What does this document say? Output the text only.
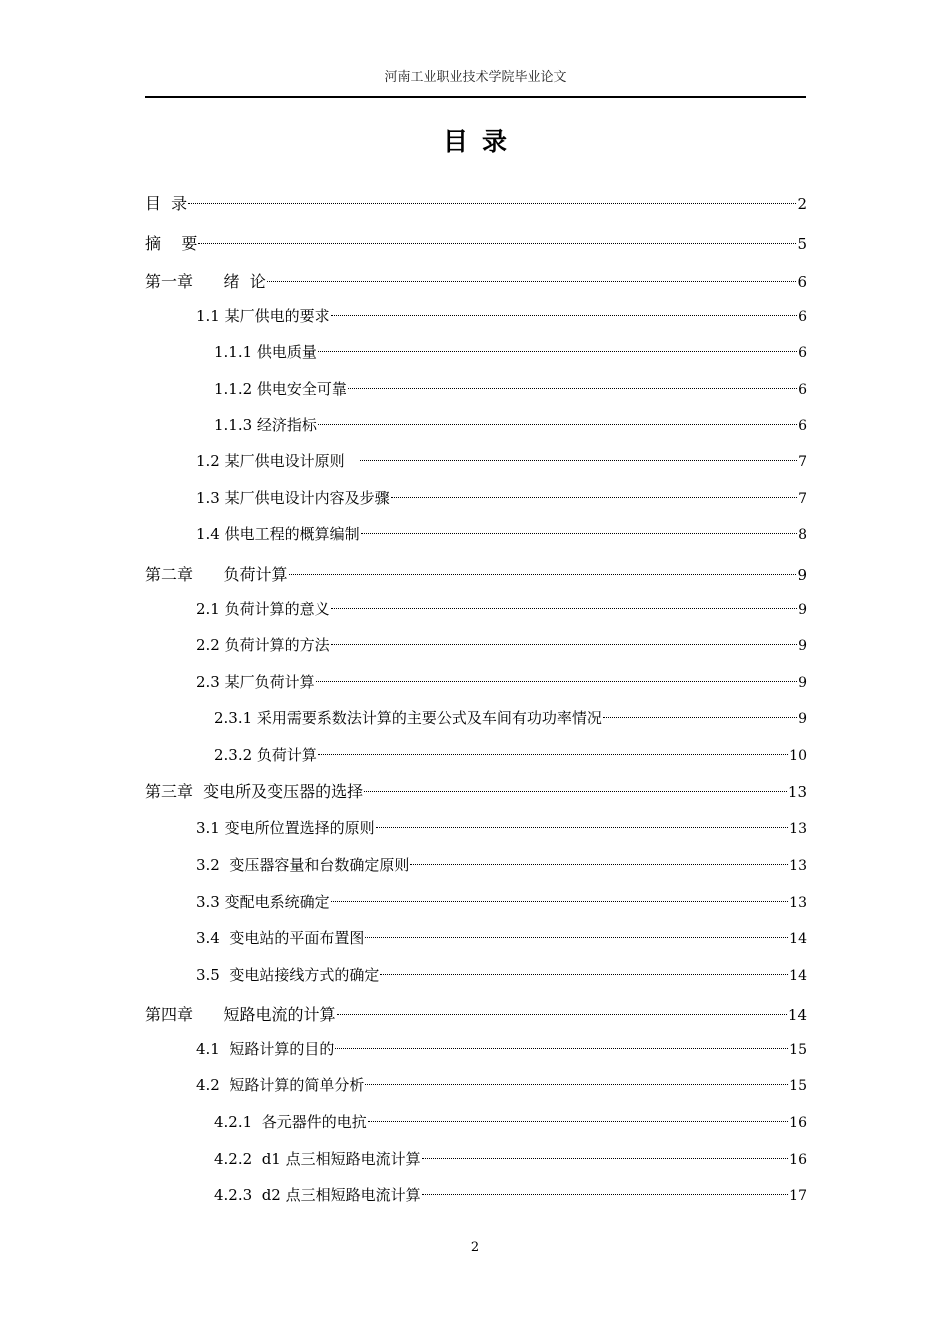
河南工业职业技术学院毕业论文
目录
目  录	2
摘    要	5
第一章      绪  论	6
1.1 某厂供电的要求	6
1.1.1 供电质量	6
1.1.2 供电安全可靠	6
1.1.3 经济指标	6
1.2 某厂供电设计原则	7
1.3 某厂供电设计内容及步骤	7
1.4 供电工程的概算编制	8
第二章      负荷计算	9
2.1 负荷计算的意义	9
2.2 负荷计算的方法	9
2.3 某厂负荷计算	9
2.3.1 采用需要系数法计算的主要公式及车间有功功率情况	9
2.3.2 负荷计算	10
第三章  变电所及变压器的选择	13
3.1 变电所位置选择的原则	13
3.2  变压器容量和台数确定原则	13
3.3 变配电系统确定	13
3.4  变电站的平面布置图	14
3.5  变电站接线方式的确定	14
第四章      短路电流的计算	14
4.1  短路计算的目的	15
4.2  短路计算的简单分析	15
4.2.1  各元器件的电抗	16
4.2.2  d1 点三相短路电流计算	16
4.2.3  d2 点三相短路电流计算	17
2
